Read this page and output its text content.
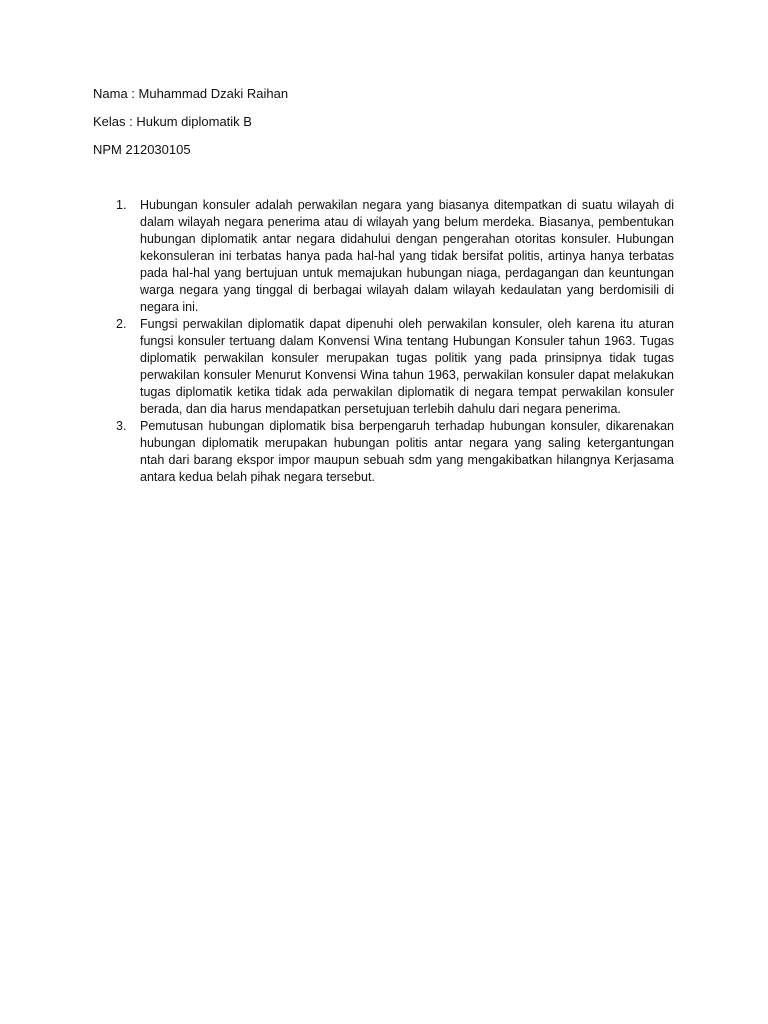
Nama : Muhammad Dzaki Raihan

Kelas : Hukum diplomatik B

NPM 212030105

1. Hubungan konsuler adalah perwakilan negara yang biasanya ditempatkan di suatu wilayah di dalam wilayah negara penerima atau di wilayah yang belum merdeka. Biasanya, pembentukan hubungan diplomatik antar negara didahului dengan pengerahan otoritas konsuler. Hubungan kekonsuleran ini terbatas hanya pada hal-hal yang tidak bersifat politis, artinya hanya terbatas pada hal-hal yang bertujuan untuk memajukan hubungan niaga, perdagangan dan keuntungan warga negara yang tinggal di berbagai wilayah dalam wilayah kedaulatan yang berdomisili di negara ini.
2. Fungsi perwakilan diplomatik dapat dipenuhi oleh perwakilan konsuler, oleh karena itu aturan fungsi konsuler tertuang dalam Konvensi Wina tentang Hubungan Konsuler tahun 1963. Tugas diplomatik perwakilan konsuler merupakan tugas politik yang pada prinsipnya tidak tugas perwakilan konsuler Menurut Konvensi Wina tahun 1963, perwakilan konsuler dapat melakukan tugas diplomatik ketika tidak ada perwakilan diplomatik di negara tempat perwakilan konsuler berada, dan dia harus mendapatkan persetujuan terlebih dahulu dari negara penerima.
3. Pemutusan hubungan diplomatik bisa berpengaruh terhadap hubungan konsuler, dikarenakan hubungan diplomatik merupakan hubungan politis antar negara yang saling ketergantungan ntah dari barang ekspor impor maupun sebuah sdm yang mengakibatkan hilangnya Kerjasama antara kedua belah pihak negara tersebut.
